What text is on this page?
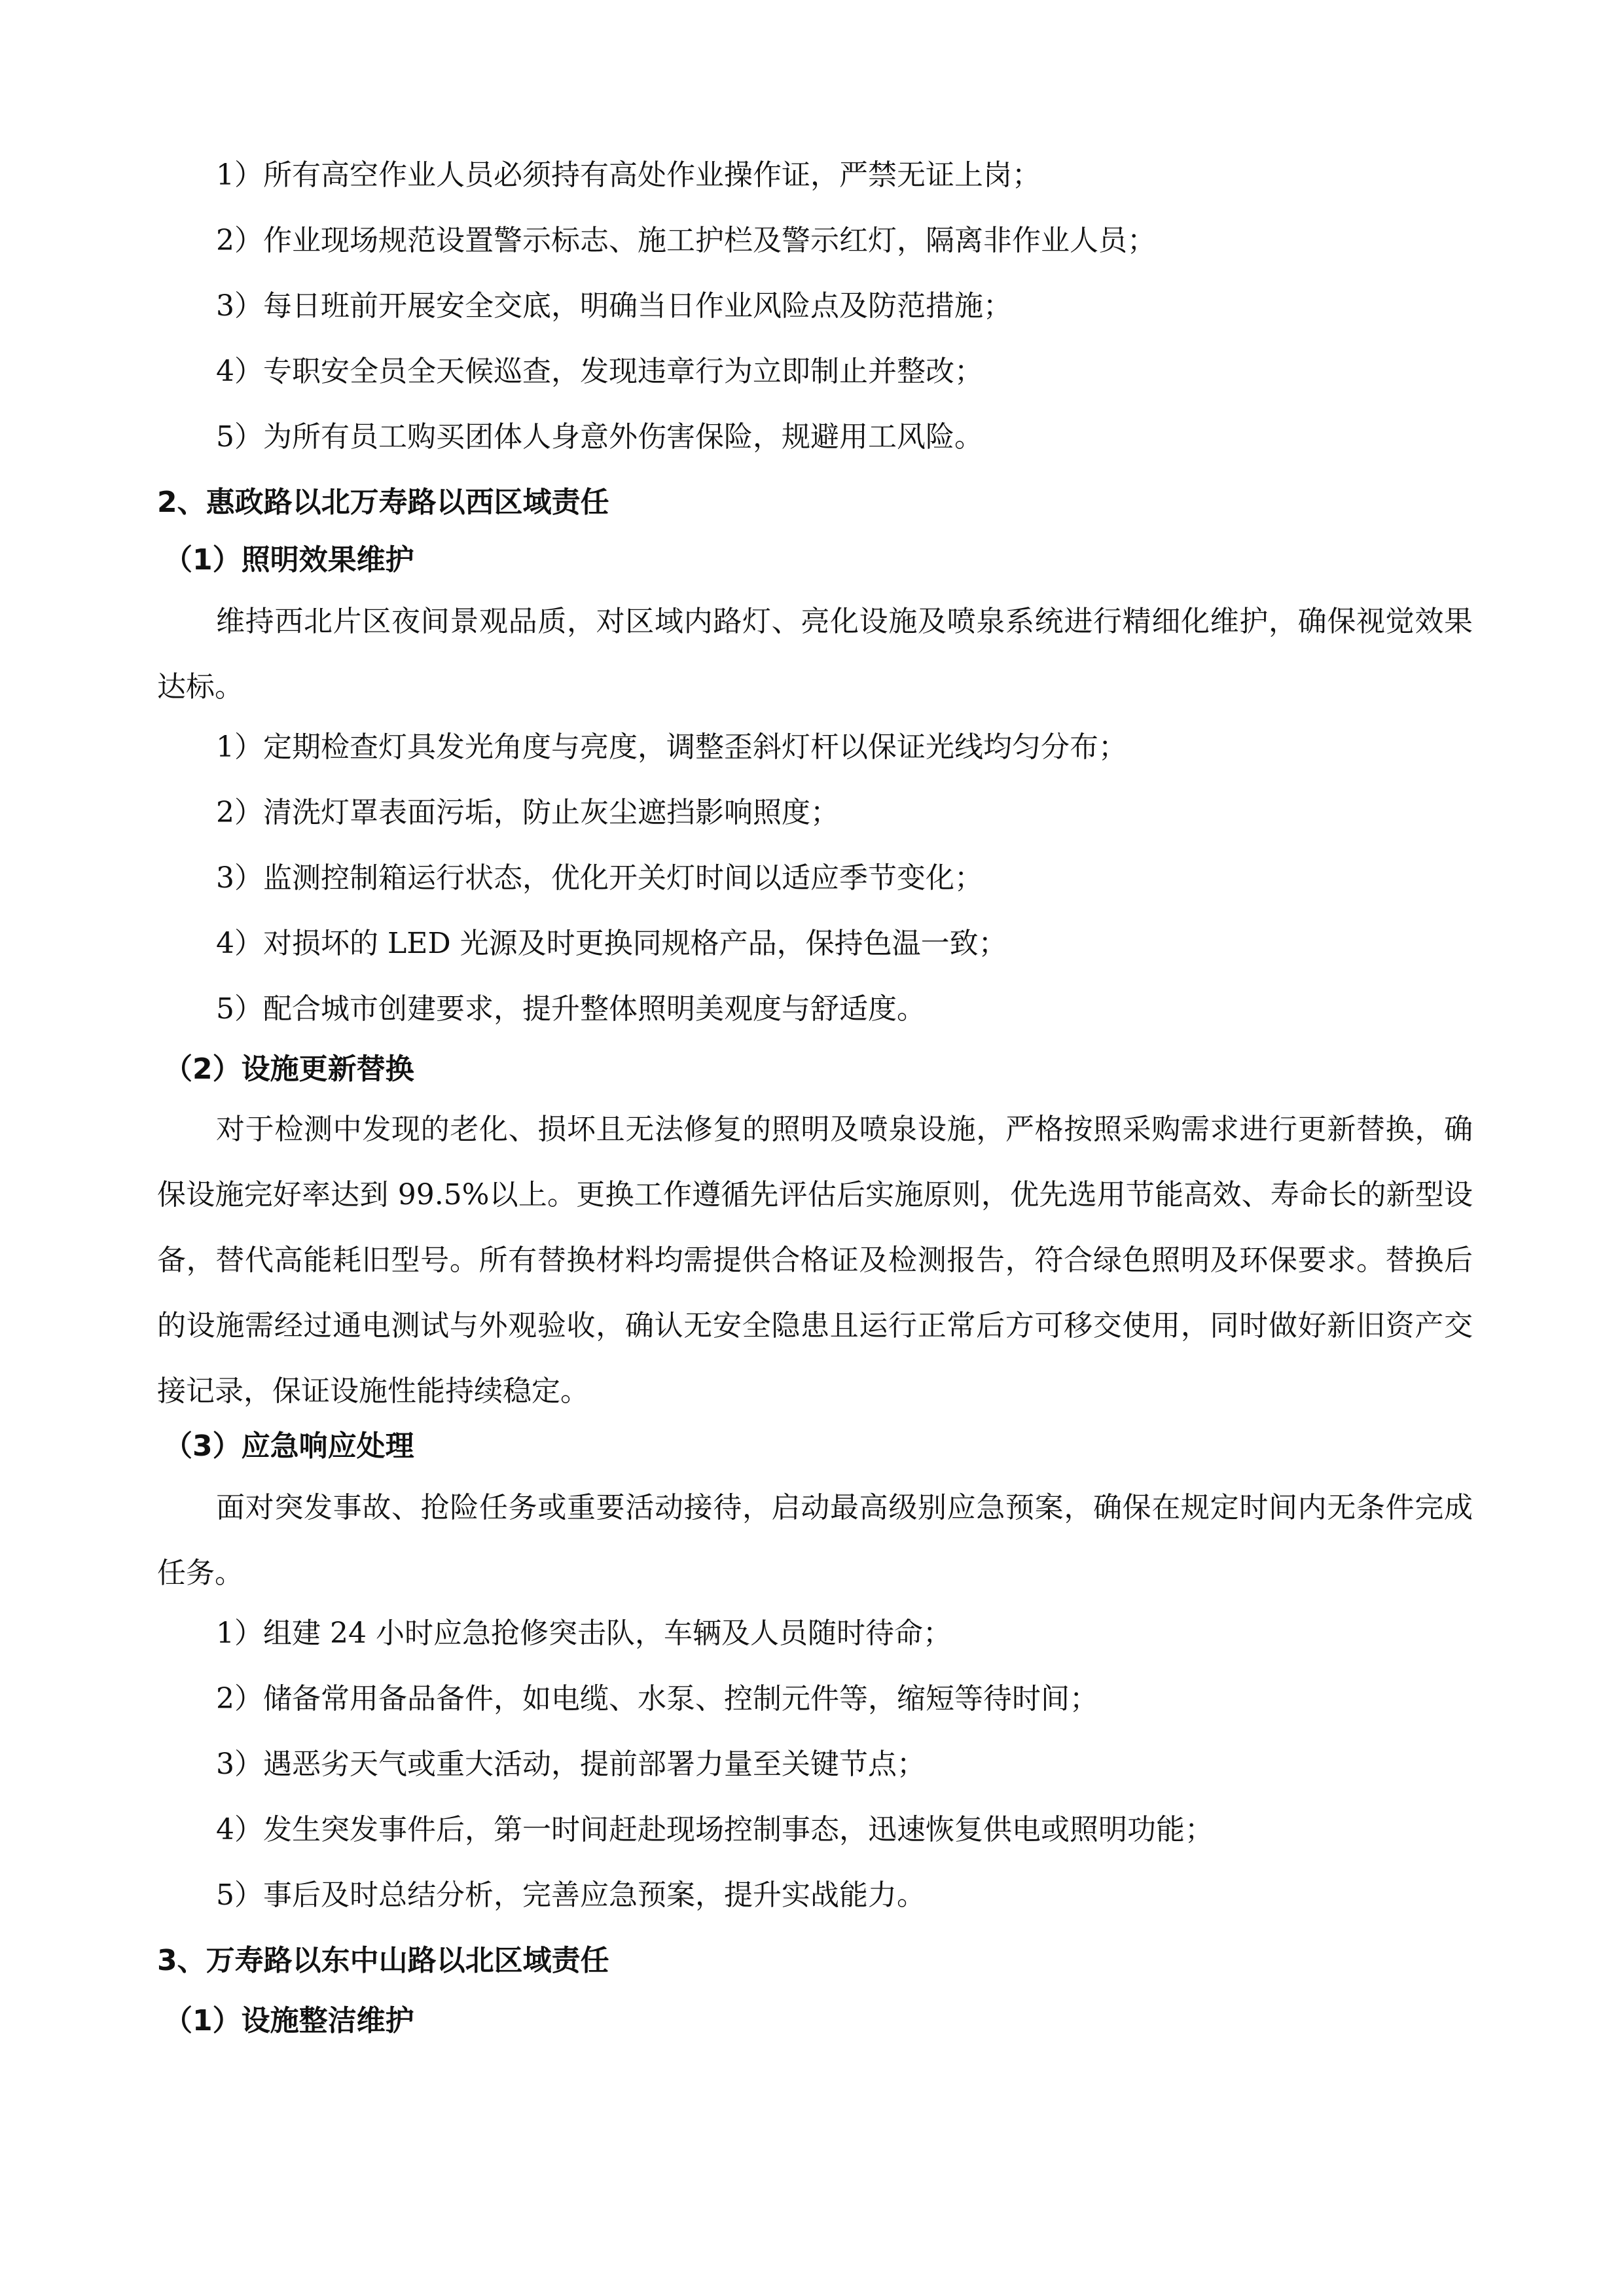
1）所有高空作业人员必须持有高处作业操作证，严禁无证上岗；
2）作业现场规范设置警示标志、施工护栏及警示红灯，隔离非作业人员；
3）每日班前开展安全交底，明确当日作业风险点及防范措施；
4）专职安全员全天候巡查，发现违章行为立即制止并整改；
5）为所有员工购买团体人身意外伤害保险，规避用工风险。
2、惠政路以北万寿路以西区域责任
（1）照明效果维护

维持西北片区夜间景观品质，对区域内路灯、亮化设施及喷泉系统进行精细化维护，确保视觉效果达标。

1）定期检查灯具发光角度与亮度，调整歪斜灯杆以保证光线均匀分布；
2）清洗灯罩表面污垢，防止灰尘遮挡影响照度；
3）监测控制箱运行状态，优化开关灯时间以适应季节变化；
4）对损坏的 LED 光源及时更换同规格产品，保持色温一致；
5）配合城市创建要求，提升整体照明美观度与舒适度。
（2）设施更新替换

对于检测中发现的老化、损坏且无法修复的照明及喷泉设施，严格按照采购需求进行更新替换，确保设施完好率达到 99.5%以上。更换工作遵循先评估后实施原则，优先选用节能高效、寿命长的新型设备，替代高能耗旧型号。所有替换材料均需提供合格证及检测报告，符合绿色照明及环保要求。替换后的设施需经过通电测试与外观验收，确认无安全隐患且运行正常后方可移交使用，同时做好新旧资产交接记录，保证设施性能持续稳定。

（3）应急响应处理

面对突发事故、抢险任务或重要活动接待，启动最高级别应急预案，确保在规定时间内无条件完成任务。

1）组建 24 小时应急抢修突击队，车辆及人员随时待命；
2）储备常用备品备件，如电缆、水泵、控制元件等，缩短等待时间；
3）遇恶劣天气或重大活动，提前部署力量至关键节点；
4）发生突发事件后，第一时间赶赴现场控制事态，迅速恢复供电或照明功能；
5）事后及时总结分析，完善应急预案，提升实战能力。
3、万寿路以东中山路以北区域责任
（1）设施整洁维护
